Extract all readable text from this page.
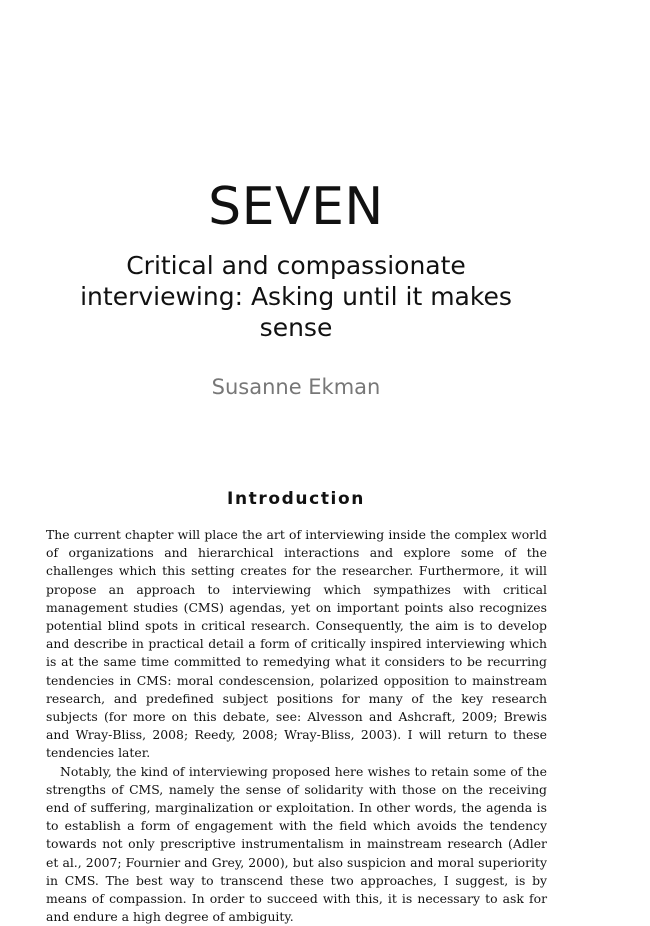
SEVEN
Critical and compassionate interviewing: Asking until it makes sense
Susanne Ekman
Introduction

The current chapter will place the art of interviewing inside the complex world of organizations and hierarchical interactions and explore some of the challenges which this setting creates for the researcher. Furthermore, it will propose an approach to interviewing which sympathizes with critical management studies (CMS) agendas, yet on important points also recognizes potential blind spots in critical research. Consequently, the aim is to develop and describe in practical detail a form of critically inspired interviewing which is at the same time committed to remedying what it considers to be recurring tendencies in CMS: moral condescension, polarized opposition to mainstream research, and predefined subject positions for many of the key research subjects (for more on this debate, see: Alvesson and Ashcraft, 2009; Brewis and Wray-Bliss, 2008; Reedy, 2008; Wray-Bliss, 2003). I will return to these tendencies later.

Notably, the kind of interviewing proposed here wishes to retain some of the strengths of CMS, namely the sense of solidarity with those on the receiving end of suffering, marginalization or exploitation. In other words, the agenda is to establish a form of engagement with the field which avoids the tendency towards not only prescriptive instrumentalism in mainstream research (Adler et al., 2007; Fournier and Grey, 2000), but also suspicion and moral superiority in CMS. The best way to transcend these two approaches, I suggest, is by means of compassion. In order to succeed with this, it is necessary to ask for and endure a high degree of ambiguity.
